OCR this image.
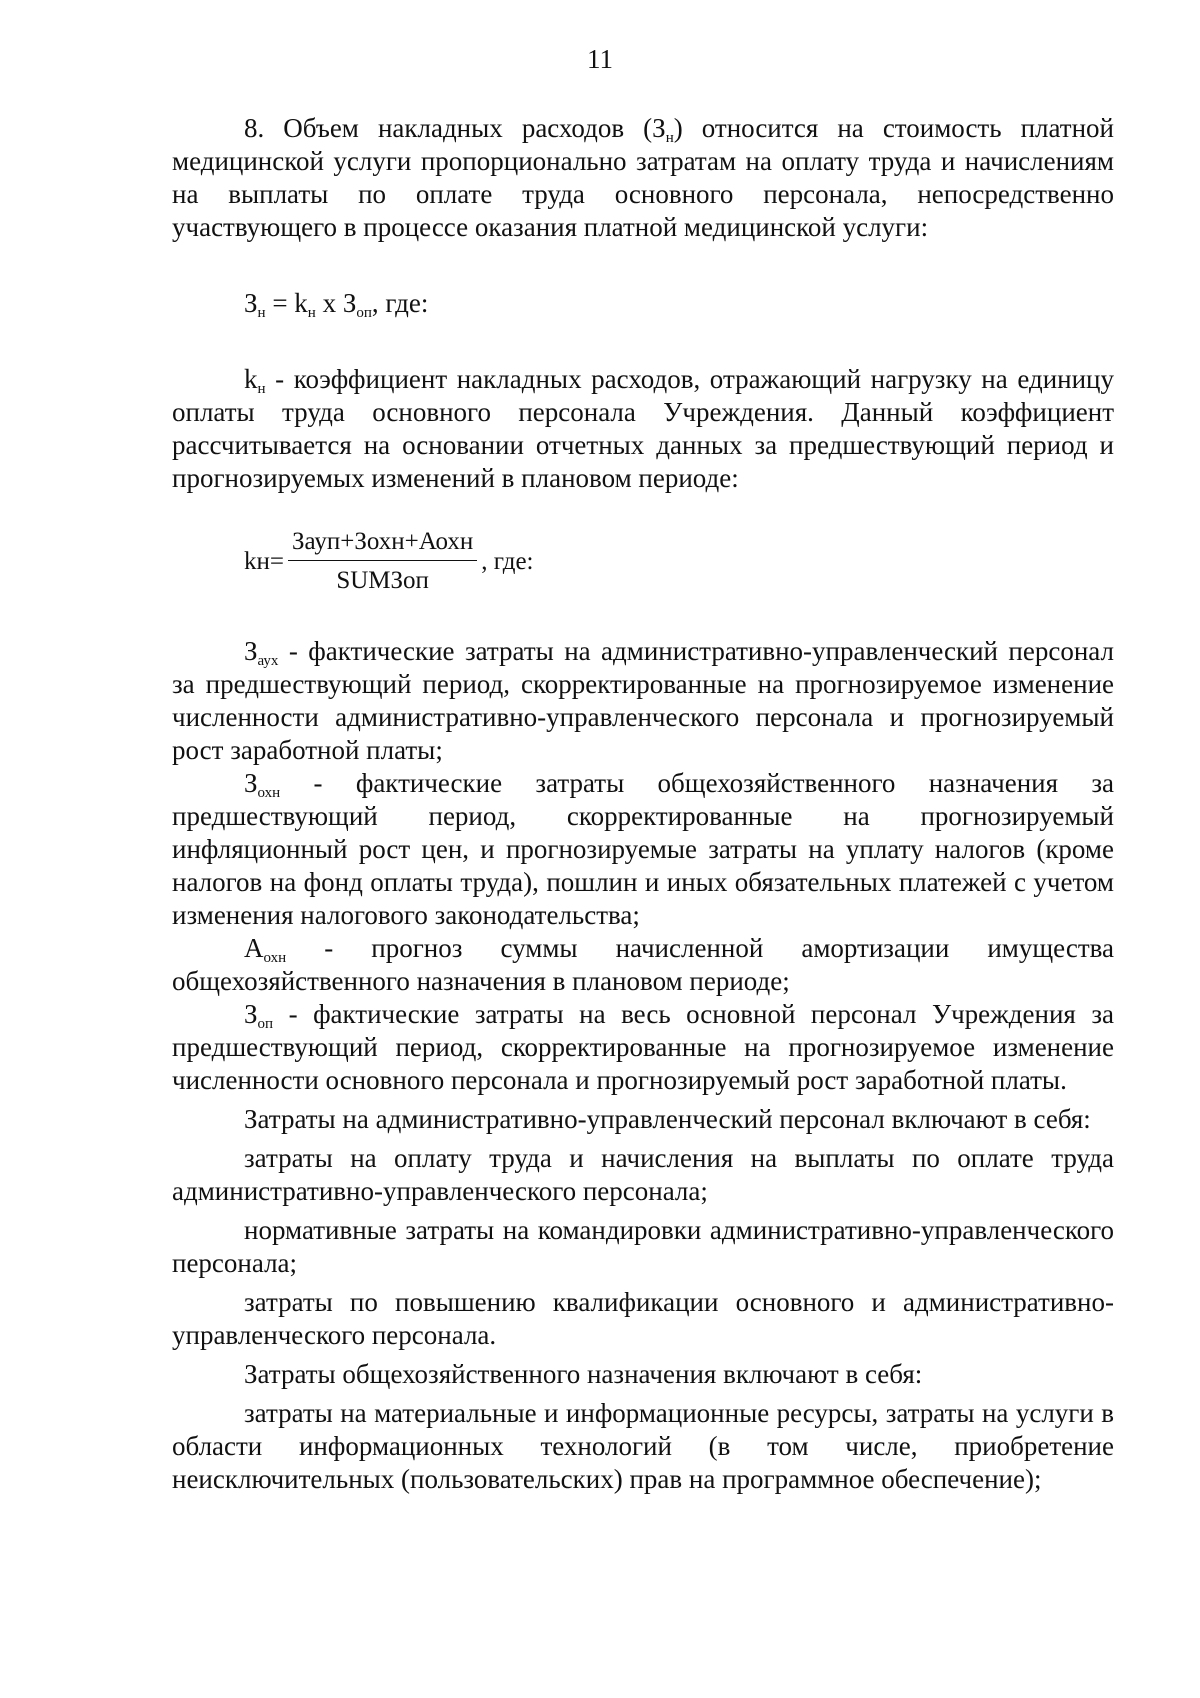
11

8. Объем накладных расходов $(З_н)$ относится на стоимость платной медицинской услуги пропорционально затратам на оплату труда и начислениям на выплаты по оплате труда основного персонала, непосредственно участвующего в процессе оказания платной медицинской услуги:

$З_н = k_н$ x $З_{оп}$, где:

$k_н$ - коэффициент накладных расходов, отражающий нагрузку на единицу оплаты труда основного персонала Учреждения. Данный коэффициент рассчитывается на основании отчетных данных за предшествующий период и прогнозируемых изменений в плановом периоде:

$kн= \frac{\text{Зауп+Зохн+Аохн}}{\text{SUMЗоп}}$ , где:

$З_{аух}$ - фактические затраты на административно-управленческий персонал за предшествующий период, скорректированные на прогнозируемое изменение численности административно-управленческого персонала и прогнозируемый рост заработной платы;

$З_{охн}$ - фактические затраты общехозяйственного назначения за предшествующий период, скорректированные на прогнозируемый инфляционный рост цен, и прогнозируемые затраты на уплату налогов (кроме налогов на фонд оплаты труда), пошлин и иных обязательных платежей с учетом изменения налогового законодательства;

$А_{охн}$ - прогноз суммы начисленной амортизации имущества общехозяйственного назначения в плановом периоде;

$З_{оп}$ - фактические затраты на весь основной персонал Учреждения за предшествующий период, скорректированные на прогнозируемое изменение численности основного персонала и прогнозируемый рост заработной платы.

Затраты на административно-управленческий персонал включают в себя:

затраты на оплату труда и начисления на выплаты по оплате труда административно-управленческого персонала;

нормативные затраты на командировки административно-управленческого персонала;

затраты по повышению квалификации основного и административно-управленческого персонала.

Затраты общехозяйственного назначения включают в себя:

затраты на материальные и информационные ресурсы, затраты на услуги в области информационных технологий (в том числе, приобретение неисключительных (пользовательских) прав на программное обеспечение);
